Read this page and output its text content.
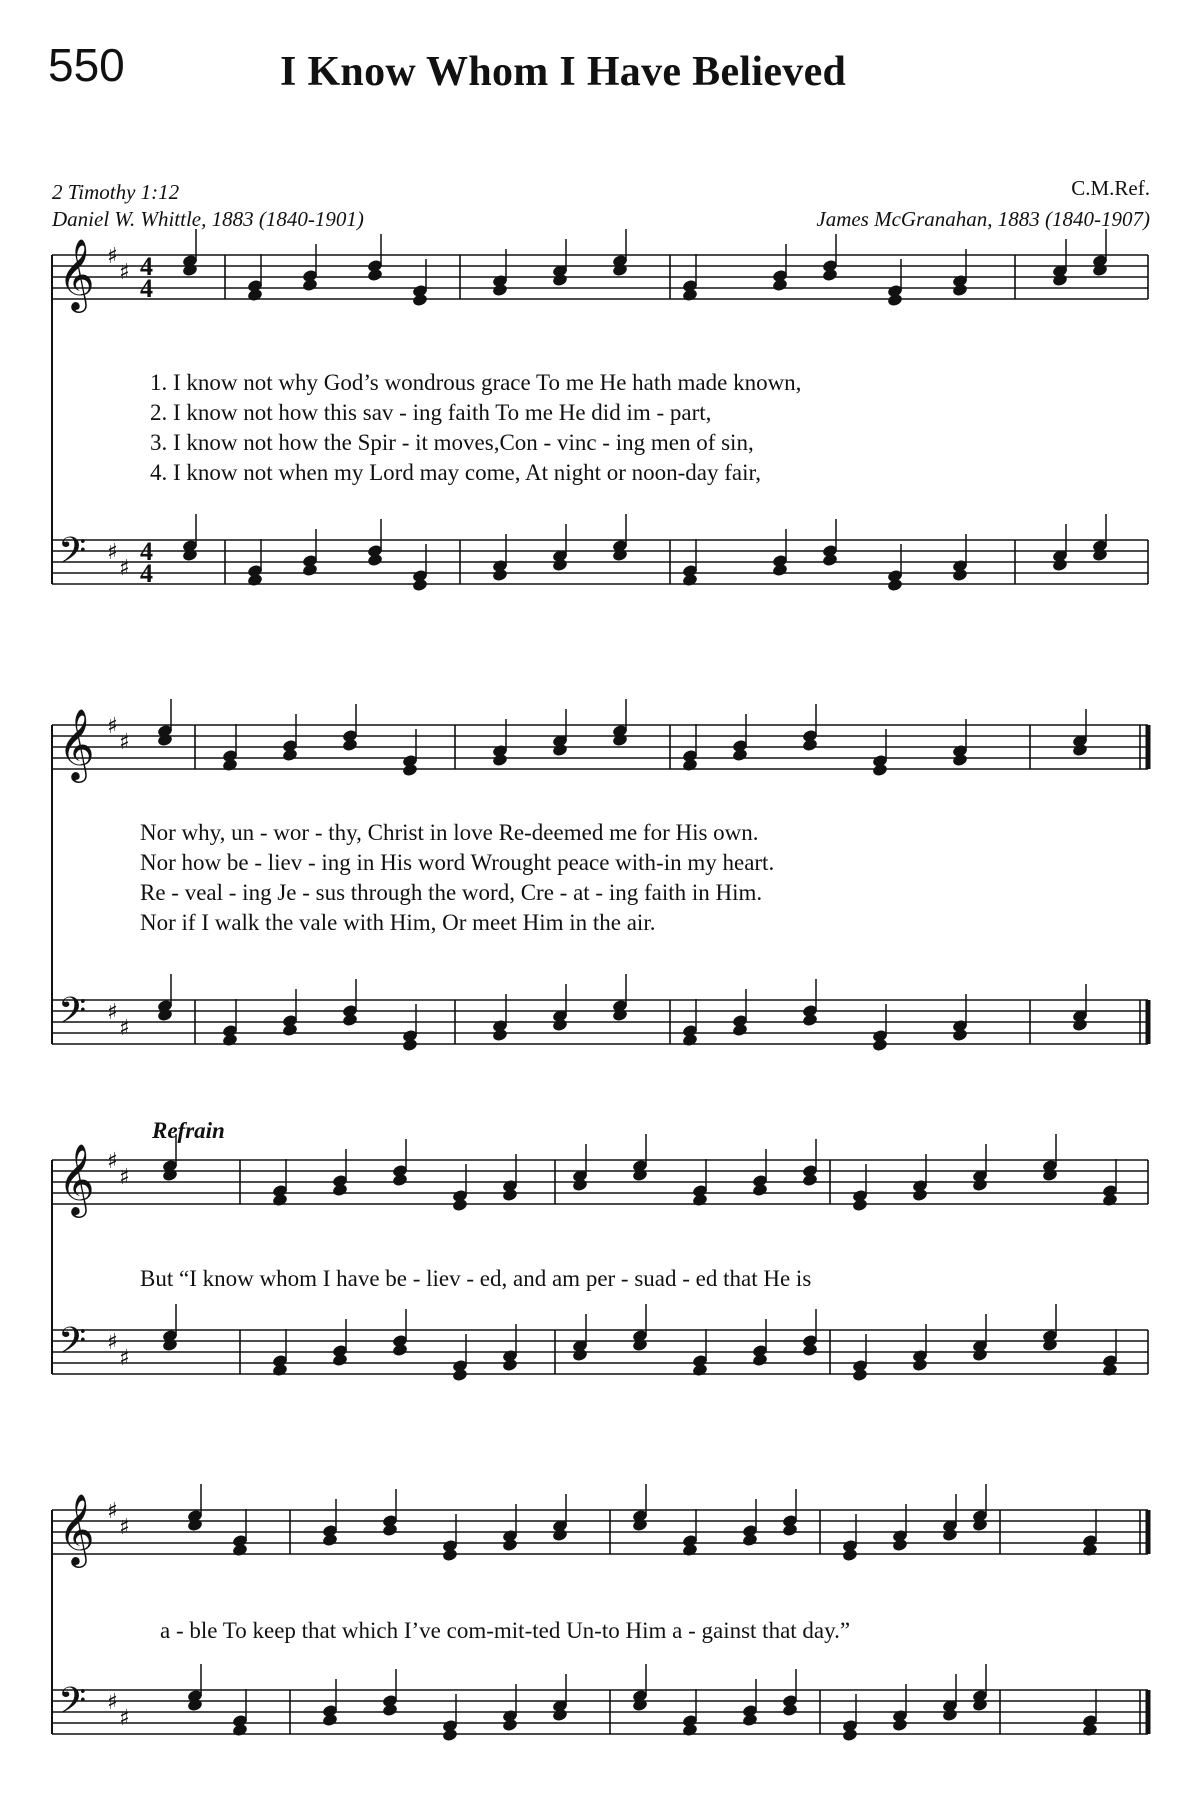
550	I Know Whom I Have Believed
2 Timothy 1:12
Daniel W. Whittle, 1883 (1840-1901)
C.M.Ref.
James McGranahan, 1883 (1840-1907)
𝄞
𝄢
♯
♯
♯
♯
4
4
4
4
𝄞
𝄢
♯
♯
♯
♯
𝄞
𝄢
♯
♯
♯
♯
𝄞
𝄢
♯
♯
♯
♯
1. I know not why God’s wondrous grace To me He hath made known,
2. I know not how this sav - ing faith To me He did im - part,
3. I know not how the Spir - it moves,Con - vinc - ing men of sin,
4. I know not when my Lord may come, At night or noon-day fair,
Nor why, un - wor - thy, Christ in love Re-deemed me for His own.
Nor how be - liev - ing in His word Wrought peace with-in my heart.
Re - veal - ing Je - sus through the word, Cre - at - ing faith in Him.
Nor if I walk the vale with Him, Or meet Him in the air.
Refrain
But “I know whom I have be - liev - ed, and am per - suad - ed that He is
a - ble To keep that which I’ve com-mit-ted Un-to Him a - gainst that day.”
